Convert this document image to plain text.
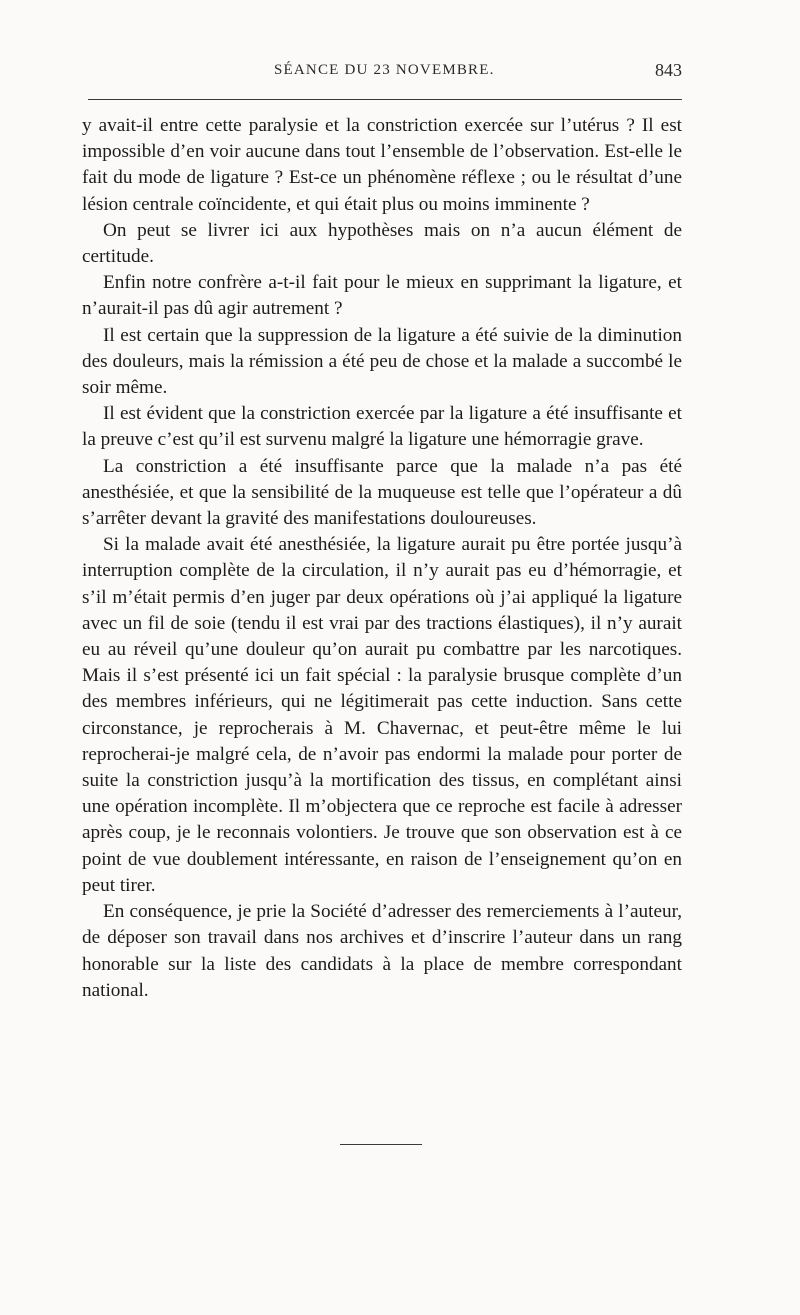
SÉANCE DU 23 NOVEMBRE.	843

y avait-il entre cette paralysie et la constriction exercée sur l’utérus ? Il est impossible d’en voir aucune dans tout l’ensemble de l’observation. Est-elle le fait du mode de ligature ? Est-ce un phénomène réflexe ; ou le résultat d’une lésion centrale coïncidente, et qui était plus ou moins imminente ?

On peut se livrer ici aux hypothèses mais on n’a aucun élément de certitude.

Enfin notre confrère a-t-il fait pour le mieux en supprimant la ligature, et n’aurait-il pas dû agir autrement ?

Il est certain que la suppression de la ligature a été suivie de la diminution des douleurs, mais la rémission a été peu de chose et la malade a succombé le soir même.

Il est évident que la constriction exercée par la ligature a été insuffisante et la preuve c’est qu’il est survenu malgré la ligature une hémorragie grave.

La constriction a été insuffisante parce que la malade n’a pas été anesthésiée, et que la sensibilité de la muqueuse est telle que l’opérateur a dû s’arrêter devant la gravité des manifestations douloureuses.

Si la malade avait été anesthésiée, la ligature aurait pu être portée jusqu’à interruption complète de la circulation, il n’y aurait pas eu d’hémorragie, et s’il m’était permis d’en juger par deux opérations où j’ai appliqué la ligature avec un fil de soie (tendu il est vrai par des tractions élastiques), il n’y aurait eu au réveil qu’une douleur qu’on aurait pu combattre par les narcotiques. Mais il s’est présenté ici un fait spécial : la paralysie brusque complète d’un des membres inférieurs, qui ne légitimerait pas cette induction. Sans cette circonstance, je reprocherais à M. Chavernac, et peut-être même le lui reprocherai-je malgré cela, de n’avoir pas endormi la malade pour porter de suite la constriction jusqu’à la mortification des tissus, en complétant ainsi une opération incomplète. Il m’objectera que ce reproche est facile à adresser après coup, je le reconnais volontiers. Je trouve que son observation est à ce point de vue doublement intéressante, en raison de l’enseignement qu’on en peut tirer.

En conséquence, je prie la Société d’adresser des remerciements à l’auteur, de déposer son travail dans nos archives et d’inscrire l’auteur dans un rang honorable sur la liste des candidats à la place de membre correspondant national.
